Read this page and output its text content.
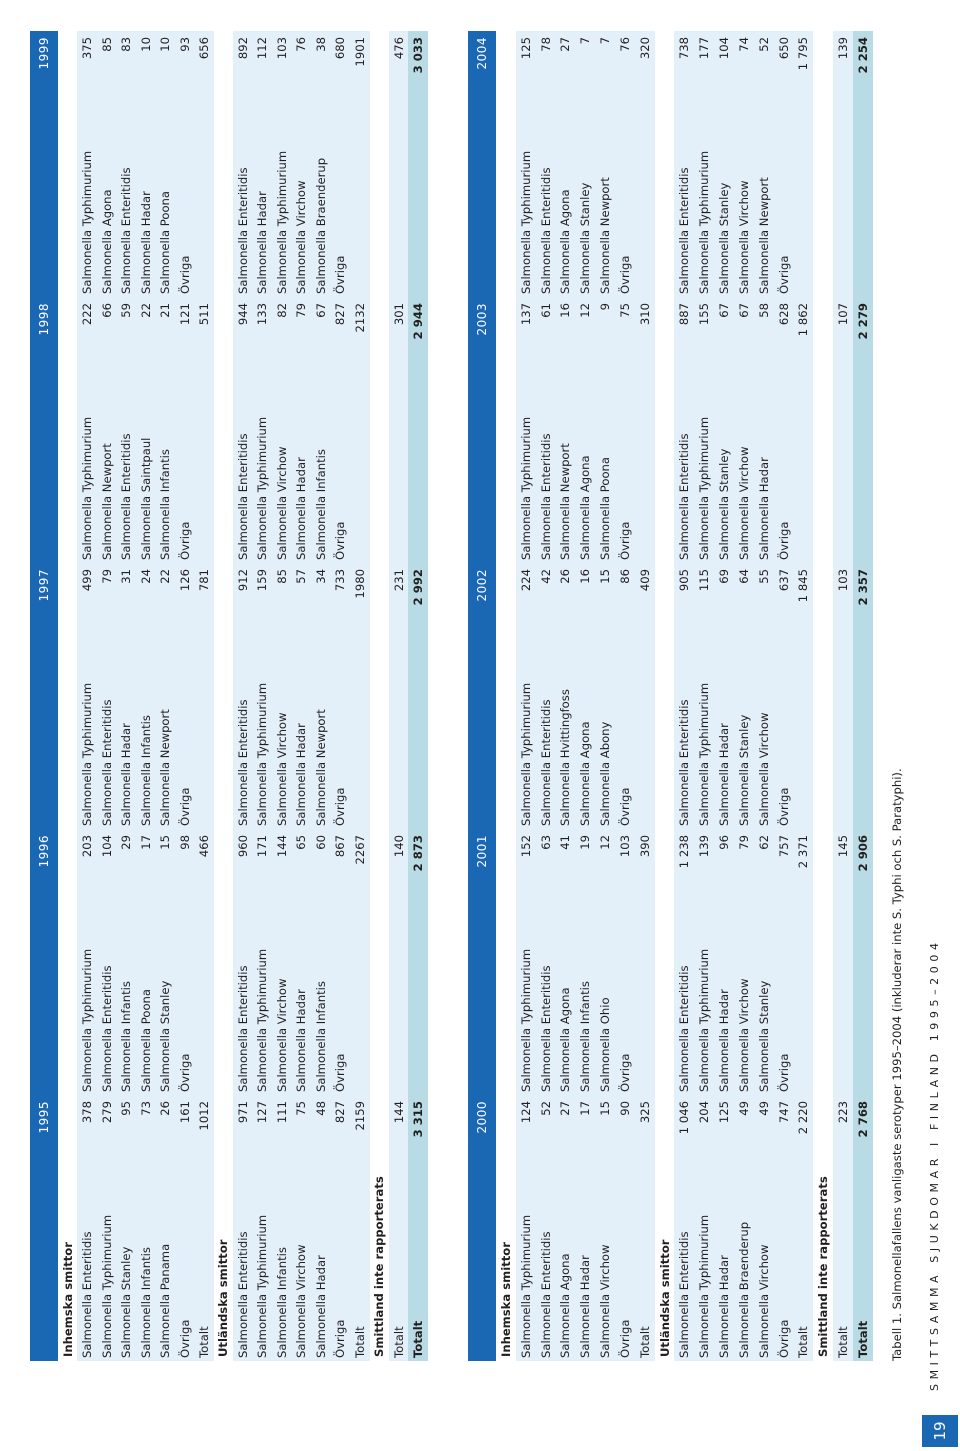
1995		1996		1997		1998		1999	
Inhemska smittor									
Salmonella Enteritidis	378	Salmonella Typhimurium	203	Salmonella Typhimurium	499	Salmonella Typhimurium	222	Salmonella Typhimurium	375
Salmonella Typhimurium	279	Salmonella Enteritidis	104	Salmonella Enteritidis	79	Salmonella Newport	66	Salmonella Agona	85
Salmonella Stanley	95	Salmonella Infantis	29	Salmonella Hadar	31	Salmonella Enteritidis	59	Salmonella Enteritidis	83
Salmonella Infantis	73	Salmonella Poona	17	Salmonella Infantis	24	Salmonella Saintpaul	22	Salmonella Hadar	10
Salmonella Panama	26	Salmonella Stanley	15	Salmonella Newport	22	Salmonella Infantis	21	Salmonella Poona	10
Övriga	161	Övriga	98	Övriga	126	Övriga	121	Övriga	93
Totalt	1012		466		781		511		656
Utländska smittor									
Salmonella Enteritidis	971	Salmonella Enteritidis	960	Salmonella Enteritidis	912	Salmonella Enteritidis	944	Salmonella Enteritidis	892
Salmonella Typhimurium	127	Salmonella Typhimurium	171	Salmonella Typhimurium	159	Salmonella Typhimurium	133	Salmonella Hadar	112
Salmonella Infantis	111	Salmonella Virchow	144	Salmonella Virchow	85	Salmonella Virchow	82	Salmonella Typhimurium	103
Salmonella Virchow	75	Salmonella Hadar	65	Salmonella Hadar	57	Salmonella Hadar	79	Salmonella Virchow	76
Salmonella Hadar	48	Salmonella Infantis	60	Salmonella Newport	34	Salmonella Infantis	67	Salmonella Braenderup	38
Övriga	827	Övriga	867	Övriga	733	Övriga	827	Övriga	680
Totalt	2159		2267		1980		2132		1901
Smittland inte rapporterats									
Totalt	144		140		231		301		476
Totalt	3 315		2 873		2 992		2 944		3 033
2000		2001		2002		2003		2004	
Inhemska smittor									
Salmonella Typhimurium	124	Salmonella Typhimurium	152	Salmonella Typhimurium	224	Salmonella Typhimurium	137	Salmonella Typhimurium	125
Salmonella Enteritidis	52	Salmonella Enteritidis	63	Salmonella Enteritidis	42	Salmonella Enteritidis	61	Salmonella Enteritidis	78
Salmonella Agona	27	Salmonella Agona	41	Salmonella Hvittingfoss	26	Salmonella Newport	16	Salmonella Agona	27
Salmonella Hadar	17	Salmonella Infantis	19	Salmonella Agona	16	Salmonella Agona	12	Salmonella Stanley	7
Salmonella Virchow	15	Salmonella Ohio	12	Salmonella Abony	15	Salmonella Poona	9	Salmonella Newport	7
Övriga	90	Övriga	103	Övriga	86	Övriga	75	Övriga	76
Totalt	325		390		409		310		320
Utländska smittor									
Salmonella Enteritidis	1 046	Salmonella Enteritidis	1 238	Salmonella Enteritidis	905	Salmonella Enteritidis	887	Salmonella Enteritidis	738
Salmonella Typhimurium	204	Salmonella Typhimurium	139	Salmonella Typhimurium	115	Salmonella Typhimurium	155	Salmonella Typhimurium	177
Salmonella Hadar	125	Salmonella Hadar	96	Salmonella Hadar	69	Salmonella Stanley	67	Salmonella Stanley	104
Salmonella Braenderup	49	Salmonella Virchow	79	Salmonella Stanley	64	Salmonella Virchow	67	Salmonella Virchow	74
Salmonella Virchow	49	Salmonella Stanley	62	Salmonella Virchow	55	Salmonella Hadar	58	Salmonella Newport	52
Övriga	747	Övriga	757	Övriga	637	Övriga	628	Övriga	650
Totalt	2 220		2 371		1 845		1 862		1 795
Smittland inte rapporterats									
Totalt	223		145		103		107		139
Totalt	2 768		2 906		2 357		2 279		2 254
Tabell 1. Salmonellafallens vanligaste serotyper 1995–2004 (inkluderar inte S. Typhi och S. Paratyphi).
19
SMITTSAMMA SJUKDOMAR I FINLAND 1995–2004
